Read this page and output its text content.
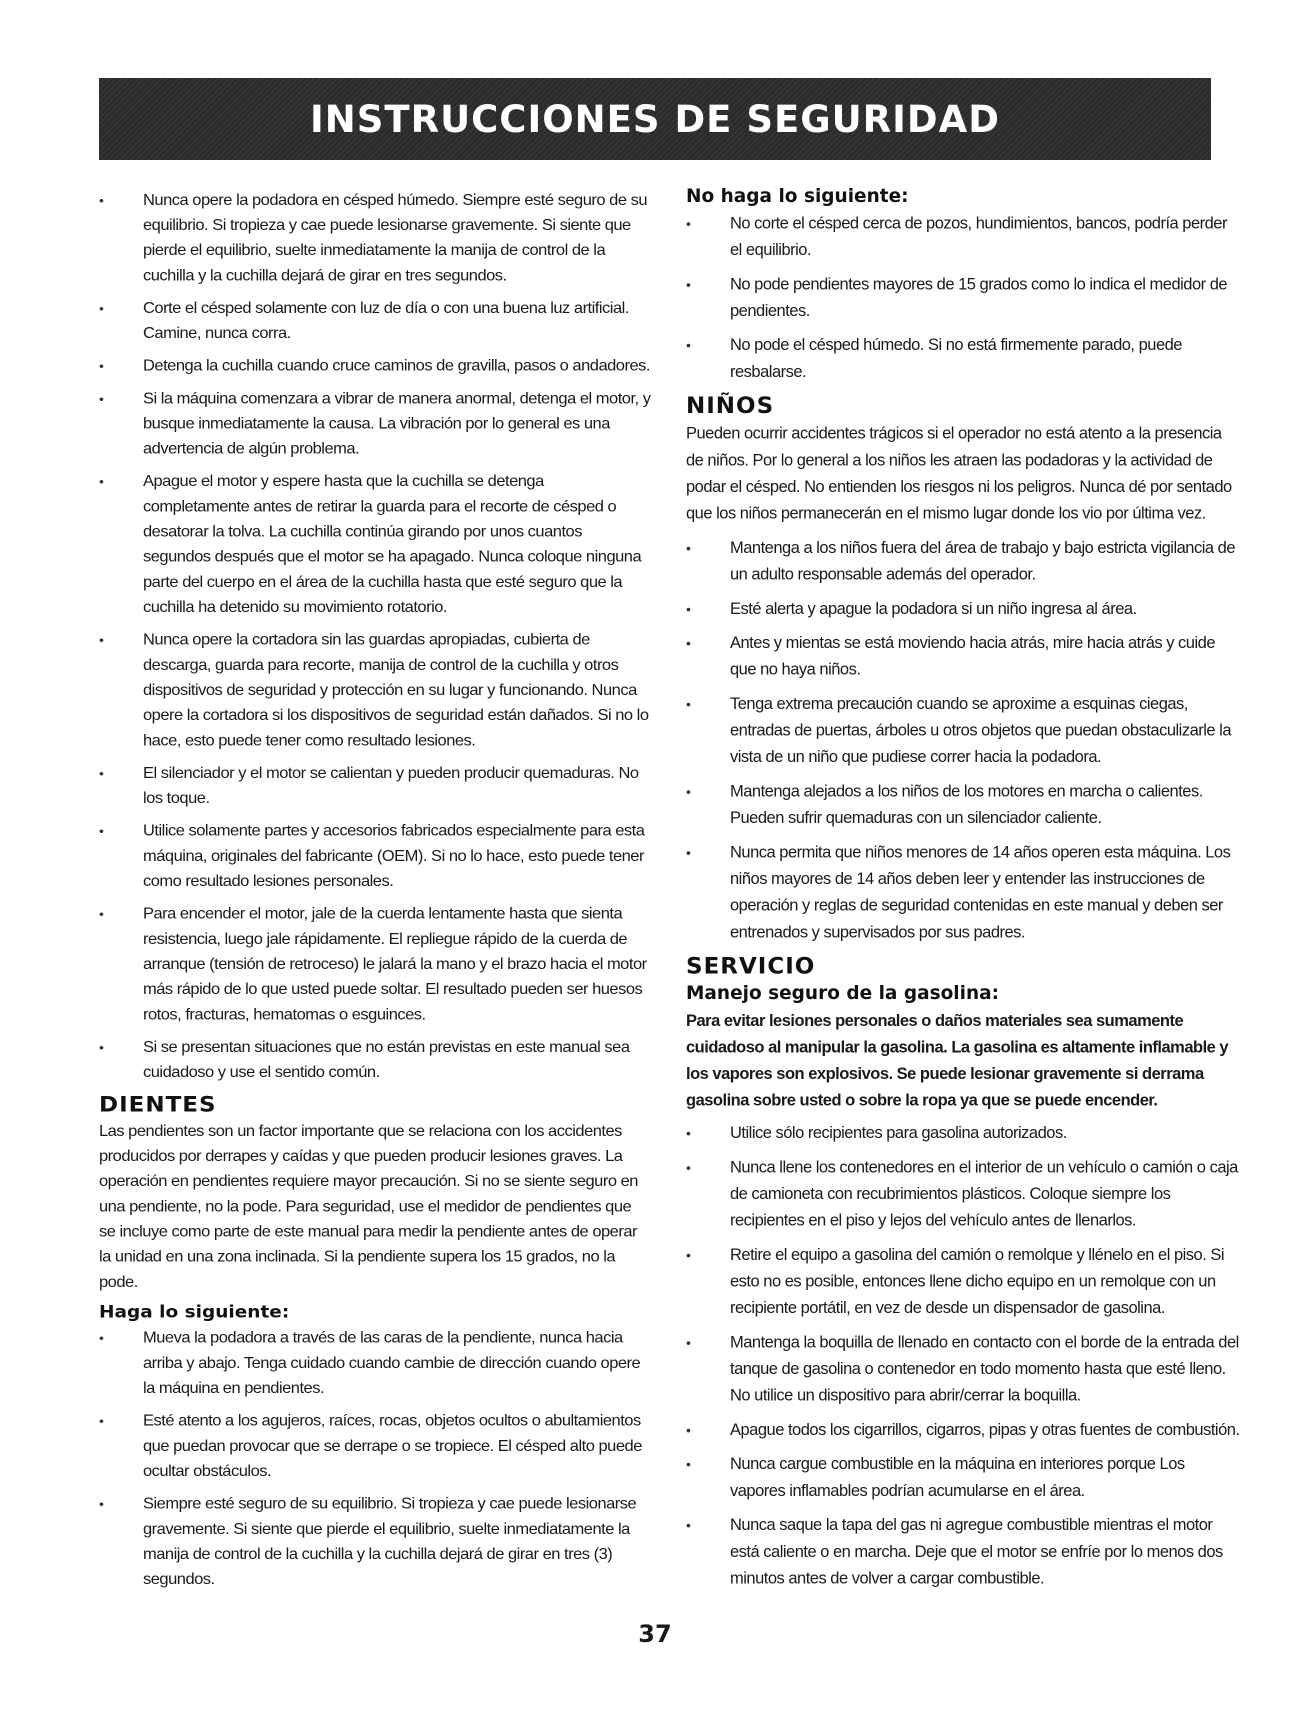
INSTRUCCIONES DE SEGURIDAD
• Nunca opere la podadora en césped húmedo. Siempre esté seguro de su equilibrio. Si tropieza y cae puede lesionarse gravemente. Si siente que pierde el equilibrio, suelte inmediatamente la manija de control de la cuchilla y la cuchilla dejará de girar en tres segundos.
• Corte el césped solamente con luz de día o con una buena luz artificial. Camine, nunca corra.
• Detenga la cuchilla cuando cruce caminos de gravilla, pasos o andadores.
• Si la máquina comenzara a vibrar de manera anormal, detenga el motor, y busque inmediatamente la causa. La vibración por lo general es una advertencia de algún problema.
• Apague el motor y espere hasta que la cuchilla se detenga completamente antes de retirar la guarda para el recorte de césped o desatorar la tolva. La cuchilla continúa girando por unos cuantos segundos después que el motor se ha apagado. Nunca coloque ninguna parte del cuerpo en el área de la cuchilla hasta que esté seguro que la cuchilla ha detenido su movimiento rotatorio.
• Nunca opere la cortadora sin las guardas apropiadas, cubierta de descarga, guarda para recorte, manija de control de la cuchilla y otros dispositivos de seguridad y protección en su lugar y funcionando. Nunca opere la cortadora si los dispositivos de seguridad están dañados. Si no lo hace, esto puede tener como resultado lesiones.
• El silenciador y el motor se calientan y pueden producir quemaduras. No los toque.
• Utilice solamente partes y accesorios fabricados especialmente para esta máquina, originales del fabricante (OEM). Si no lo hace, esto puede tener como resultado lesiones personales.
• Para encender el motor, jale de la cuerda lentamente hasta que sienta resistencia, luego jale rápidamente. El repliegue rápido de la cuerda de arranque (tensión de retroceso) le jalará la mano y el brazo hacia el motor más rápido de lo que usted puede soltar. El resultado pueden ser huesos rotos, fracturas, hematomas o esguinces.
• Si se presentan situaciones que no están previstas en este manual sea cuidadoso y use el sentido común.
DIENTES

Las pendientes son un factor importante que se relaciona con los accidentes producidos por derrapes y caídas y que pueden producir lesiones graves. La operación en pendientes requiere mayor precaución. Si no se siente seguro en una pendiente, no la pode. Para seguridad, use el medidor de pendientes que se incluye como parte de este manual para medir la pendiente antes de operar la unidad en una zona inclinada. Si la pendiente supera los 15 grados, no la pode.

Haga lo siguiente:
• Mueva la podadora a través de las caras de la pendiente, nunca hacia arriba y abajo. Tenga cuidado cuando cambie de dirección cuando opere la máquina en pendientes.
• Esté atento a los agujeros, raíces, rocas, objetos ocultos o abultamientos que puedan provocar que se derrape o se tropiece. El césped alto puede ocultar obstáculos.
• Siempre esté seguro de su equilibrio. Si tropieza y cae puede lesionarse gravemente. Si siente que pierde el equilibrio, suelte inmediatamente la manija de control de la cuchilla y la cuchilla dejará de girar en tres (3) segundos.
No haga lo siguiente:
• No corte el césped cerca de pozos, hundimientos, bancos, podría perder el equilibrio.
• No pode pendientes mayores de 15 grados como lo indica el medidor de pendientes.
• No pode el césped húmedo. Si no está firmemente parado, puede resbalarse.
NIÑOS

Pueden ocurrir accidentes trágicos si el operador no está atento a la presencia de niños. Por lo general a los niños les atraen las podadoras y la actividad de podar el césped. No entienden los riesgos ni los peligros. Nunca dé por sentado que los niños permanecerán en el mismo lugar donde los vio por última vez.

• Mantenga a los niños fuera del área de trabajo y bajo estricta vigilancia de un adulto responsable además del operador.
• Esté alerta y apague la podadora si un niño ingresa al área.
• Antes y mientas se está moviendo hacia atrás, mire hacia atrás y cuide que no haya niños.
• Tenga extrema precaución cuando se aproxime a esquinas ciegas, entradas de puertas, árboles u otros objetos que puedan obstaculizarle la vista de un niño que pudiese correr hacia la podadora.
• Mantenga alejados a los niños de los motores en marcha o calientes. Pueden sufrir quemaduras con un silenciador caliente.
• Nunca permita que niños menores de 14 años operen esta máquina. Los niños mayores de 14 años deben leer y entender las instrucciones de operación y reglas de seguridad contenidas en este manual y deben ser entrenados y supervisados por sus padres.
SERVICIO
Manejo seguro de la gasolina:

Para evitar lesiones personales o daños materiales sea sumamente cuidadoso al manipular la gasolina. La gasolina es altamente inflamable y los vapores son explosivos. Se puede lesionar gravemente si derrama gasolina sobre usted o sobre la ropa ya que se puede encender.

• Utilice sólo recipientes para gasolina autorizados.
• Nunca llene los contenedores en el interior de un vehículo o camión o caja de camioneta con recubrimientos plásticos. Coloque siempre los recipientes en el piso y lejos del vehículo antes de llenarlos.
• Retire el equipo a gasolina del camión o remolque y llénelo en el piso. Si esto no es posible, entonces llene dicho equipo en un remolque con un recipiente portátil, en vez de desde un dispensador de gasolina.
• Mantenga la boquilla de llenado en contacto con el borde de la entrada del tanque de gasolina o contenedor en todo momento hasta que esté lleno. No utilice un dispositivo para abrir/cerrar la boquilla.
• Apague todos los cigarrillos, cigarros, pipas y otras fuentes de combustión.
• Nunca cargue combustible en la máquina en interiores porque Los vapores inflamables podrían acumularse en el área.
• Nunca saque la tapa del gas ni agregue combustible mientras el motor está caliente o en marcha. Deje que el motor se enfríe por lo menos dos minutos antes de volver a cargar combustible.
37
